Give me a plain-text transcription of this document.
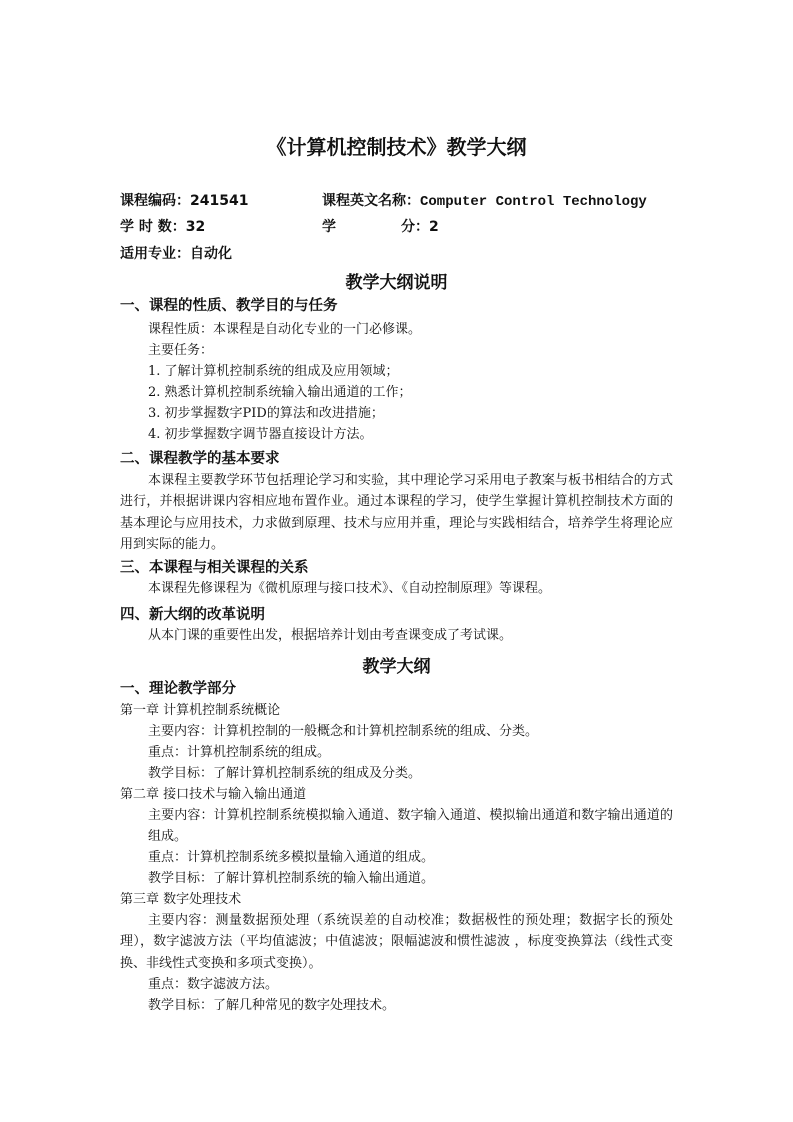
《计算机控制技术》教学大纲
课程编码：241541	课程英文名称：Computer Control Technology
学 时 数：32	学	分：2
适用专业：自动化
教学大纲说明
一、课程的性质、教学目的与任务
课程性质：本课程是自动化专业的一门必修课。
主要任务：
1. 了解计算机控制系统的组成及应用领域；
2. 熟悉计算机控制系统输入输出通道的工作；
3. 初步掌握数字PID的算法和改进措施；
4. 初步掌握数字调节器直接设计方法。
二、课程教学的基本要求
本课程主要教学环节包括理论学习和实验，其中理论学习采用电子教案与板书相结合的方式进行，并根据讲课内容相应地布置作业。通过本课程的学习，使学生掌握计算机控制技术方面的基本理论与应用技术，力求做到原理、技术与应用并重，理论与实践相结合，培养学生将理论应用到实际的能力。
三、本课程与相关课程的关系
本课程先修课程为《微机原理与接口技术》、《自动控制原理》等课程。
四、新大纲的改革说明
从本门课的重要性出发，根据培养计划由考查课变成了考试课。
教学大纲
一、理论教学部分
第一章 计算机控制系统概论
主要内容：计算机控制的一般概念和计算机控制系统的组成、分类。
重点：计算机控制系统的组成。
教学目标：了解计算机控制系统的组成及分类。
第二章 接口技术与输入输出通道
主要内容：计算机控制系统模拟输入通道、数字输入通道、模拟输出通道和数字输出通道的组成。
重点：计算机控制系统多模拟量输入通道的组成。
教学目标：了解计算机控制系统的输入输出通道。
第三章 数字处理技术
主要内容：测量数据预处理（系统误差的自动校准；数据极性的预处理；数据字长的预处理），数字滤波方法（平均值滤波；中值滤波；限幅滤波和惯性滤波 ，标度变换算法（线性式变换、非线性式变换和多项式变换）。
重点：数字滤波方法。
教学目标：了解几种常见的数字处理技术。
